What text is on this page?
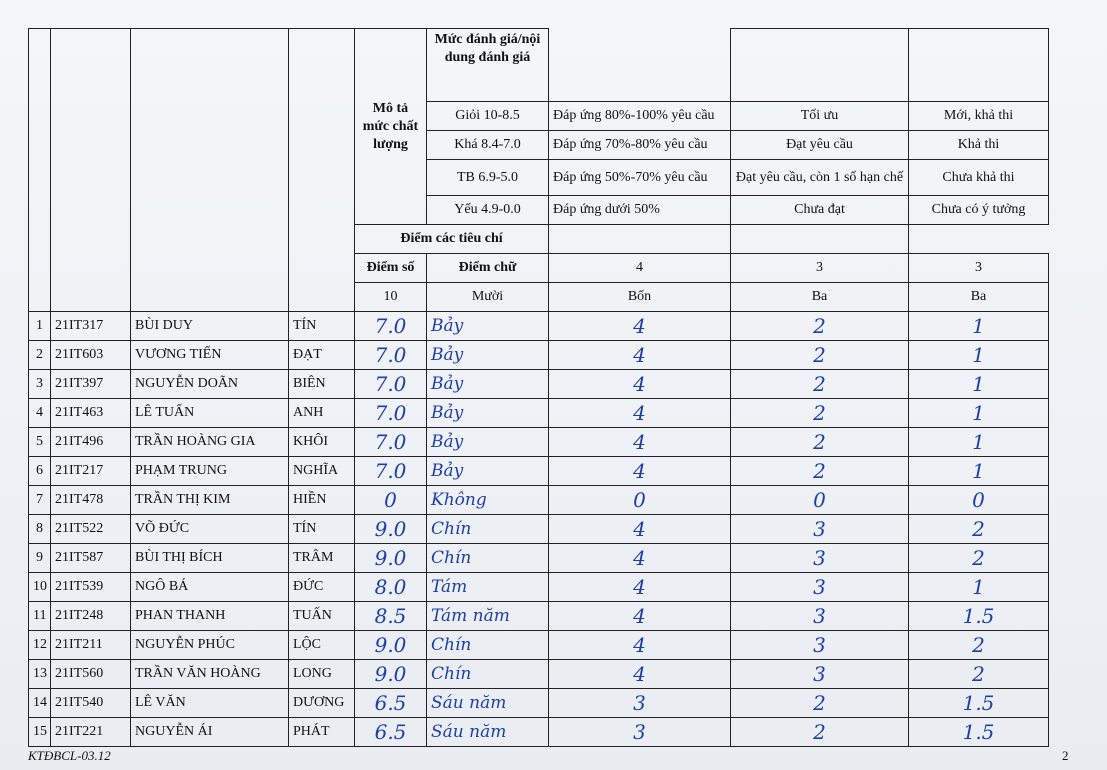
				Mô tả mức chất lượng	Mức đánh giá/nội dung đánh giá			
					Giỏi 10-8.5	Đáp ứng 80%-100% yêu cầu	Tối ưu	Mới, khả thi
					Khá 8.4-7.0	Đáp ứng 70%-80% yêu cầu	Đạt yêu cầu	Khả thi
					TB 6.9-5.0	Đáp ứng 50%-70% yêu cầu	Đạt yêu cầu, còn 1 số hạn chế	Chưa khả thi
					Yếu 4.9-0.0	Đáp ứng dưới 50%	Chưa đạt	Chưa có ý tưởng
				Điểm các tiêu chí				
				Điểm số	Điểm chữ	4	3	3
				10	Mười	Bốn	Ba	Ba
1	21IT317	BÙI DUY	TÍN	7.0	Bảy	4	2	1
2	21IT603	VƯƠNG TIẾN	ĐẠT	7.0	Bảy	4	2	1
3	21IT397	NGUYỄN DOÃN	BIÊN	7.0	Bảy	4	2	1
4	21IT463	LÊ TUẤN	ANH	7.0	Bảy	4	2	1
5	21IT496	TRẦN HOÀNG GIA	KHÔI	7.0	Bảy	4	2	1
6	21IT217	PHẠM TRUNG	NGHĨA	7.0	Bảy	4	2	1
7	21IT478	TRẦN THỊ KIM	HIỀN	0	Không	0	0	0
8	21IT522	VÕ ĐỨC	TÍN	9.0	Chín	4	3	2
9	21IT587	BÙI THỊ BÍCH	TRÂM	9.0	Chín	4	3	2
10	21IT539	NGÔ BÁ	ĐỨC	8.0	Tám	4	3	1
11	21IT248	PHAN THANH	TUẤN	8.5	Tám năm	4	3	1.5
12	21IT211	NGUYỄN PHÚC	LỘC	9.0	Chín	4	3	2
13	21IT560	TRẦN VĂN HOÀNG	LONG	9.0	Chín	4	3	2
14	21IT540	LÊ VĂN	DƯƠNG	6.5	Sáu năm	3	2	1.5
15	21IT221	NGUYỄN ÁI	PHÁT	6.5	Sáu năm	3	2	1.5
KTĐBCL-03.12	2
